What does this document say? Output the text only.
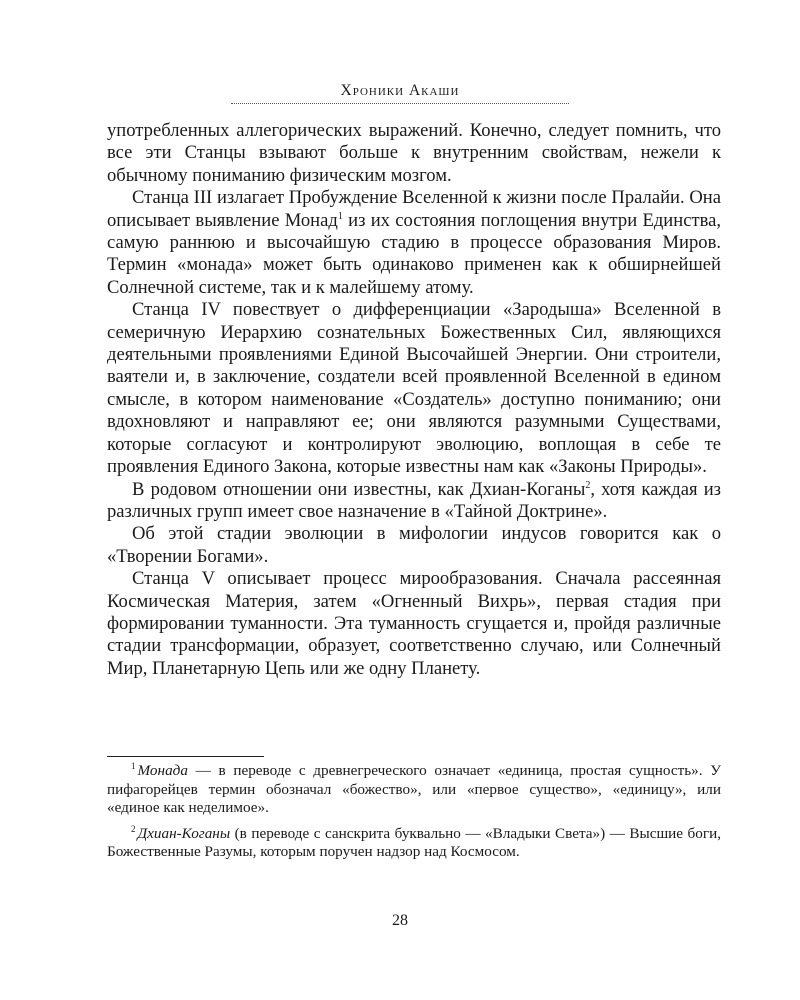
Хроники Акаши

употребленных аллегорических выражений. Конечно, следует помнить, что все эти Станцы взывают больше к внутренним свойствам, нежели к обычному пониманию физическим мозгом.

Станца III излагает Пробуждение Вселенной к жизни после Пралайи. Она описывает выявление Монад$^1$ из их состояния поглощения внутри Единства, самую раннюю и высочайшую стадию в процессе образования Миров. Термин «монада» может быть одинаково применен как к обширнейшей Солнечной системе, так и к малейшему атому.

Станца IV повествует о дифференциации «Зародыша» Вселенной в семеричную Иерархию сознательных Божественных Сил, являющихся деятельными проявлениями Единой Высочайшей Энергии. Они строители, ваятели и, в заключение, создатели всей проявленной Вселенной в едином смысле, в котором наименование «Создатель» доступно пониманию; они вдохновляют и направляют ее; они являются разумными Существами, которые согласуют и контролируют эволюцию, воплощая в себе те проявления Единого Закона, которые известны нам как «Законы Природы».

В родовом отношении они известны, как Дхиан-Коганы$^2$, хотя каждая из различных групп имеет свое назначение в «Тайной Доктрине».

Об этой стадии эволюции в мифологии индусов говорится как о «Творении Богами».

Станца V описывает процесс мирообразования. Сначала рассеянная Космическая Материя, затем «Огненный Вихрь», первая стадия при формировании туманности. Эта туманность сгущается и, пройдя различные стадии трансформации, образует, соответственно случаю, или Солнечный Мир, Планетарную Цепь или же одну Планету.

$^1$ Монада — в переводе с древнегреческого означает «единица, простая сущность». У пифагорейцев термин обозначал «божество», или «первое существо», «единицу», или «единое как неделимое».

$^2$ Дхиан-Коганы (в переводе с санскрита буквально — «Владыки Света») — Высшие боги, Божественные Разумы, которым поручен надзор над Космосом.

28
